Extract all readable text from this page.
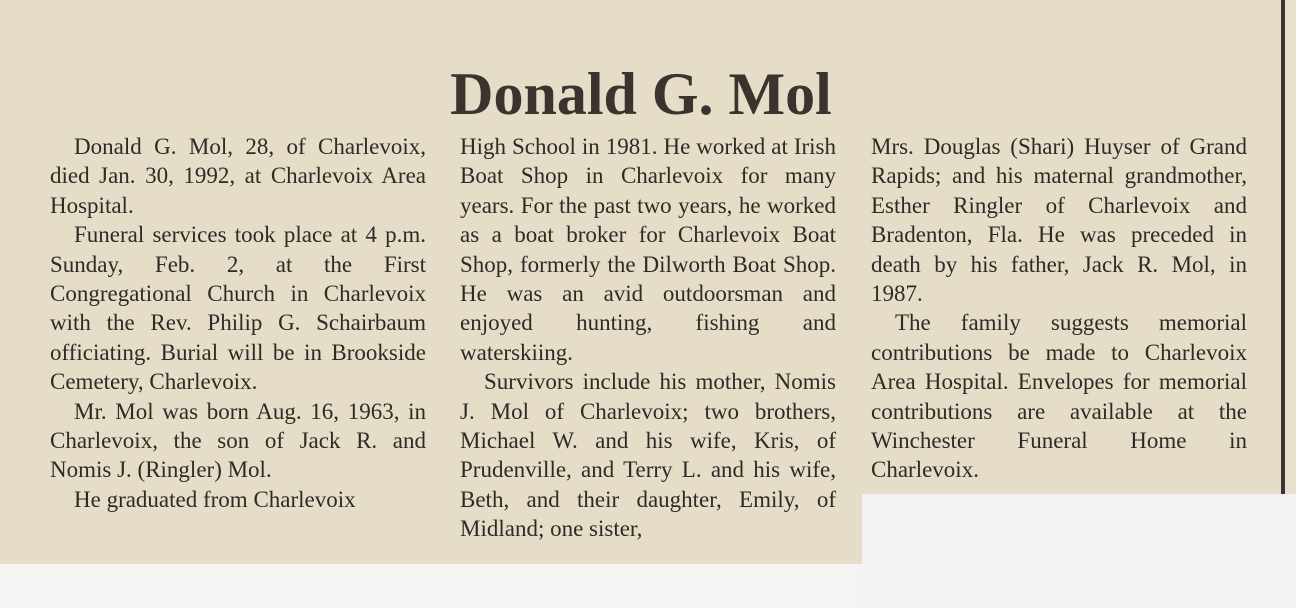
Donald G. Mol

Donald G. Mol, 28, of Charlevoix, died Jan. 30, 1992, at Charlevoix Area Hospital.

Funeral services took place at 4 p.m. Sunday, Feb. 2, at the First Congregational Church in Charlevoix with the Rev. Philip G. Schairbaum officiating. Burial will be in Brookside Cemetery, Charlevoix.

Mr. Mol was born Aug. 16, 1963, in Charlevoix, the son of Jack R. and Nomis J. (Ringler) Mol.

He graduated from Charlevoix

High School in 1981. He worked at Irish Boat Shop in Charlevoix for many years. For the past two years, he worked as a boat broker for Charlevoix Boat Shop, formerly the Dilworth Boat Shop. He was an avid outdoorsman and enjoyed hunting, fishing and waterskiing.

Survivors include his mother, Nomis J. Mol of Charlevoix; two brothers, Michael W. and his wife, Kris, of Prudenville, and Terry L. and his wife, Beth, and their daughter, Emily, of Midland; one sister,

Mrs. Douglas (Shari) Huyser of Grand Rapids; and his maternal grandmother, Esther Ringler of Charlevoix and Bradenton, Fla. He was preceded in death by his father, Jack R. Mol, in 1987.

The family suggests memorial contributions be made to Charlevoix Area Hospital. Envelopes for memorial contributions are available at the Winchester Funeral Home in Charlevoix.
